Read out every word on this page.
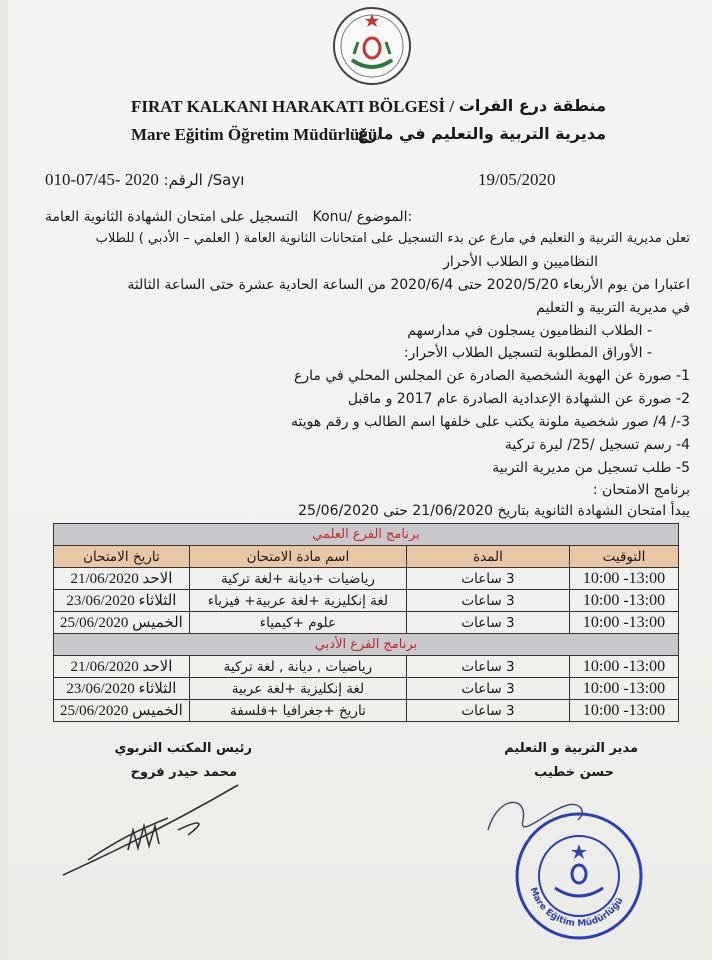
FIRAT KALKANI HARAKATI BÖLGESİ / منطقة درع الفرات
Mare Eğitim Öğretim Müdürlüğü/
مديرية التربية والتعليم في مارع
Sayı/ الرقم: 2020 -010-07/45	19/05/2020
التسجيل على امتحان الشهادة الثانوية العامة Konu/ الموضوع:
تعلن مديرية التربية و التعليم في مارع عن بدء التسجيل على امتحانات الثانوية العامة ( العلمي – الأدبي ) للطلاب
النظاميين و الطلاب الأحرار
اعتبارا من يوم الأربعاء 2020/5/20 حتى 2020/6/4 من الساعة الحادية عشرة حتى الساعة الثالثة
في مديرية التربية و التعليم
- الطلاب النظاميون يسجلون في مدارسهم
- الأوراق المطلوبة لتسجيل الطلاب الأحرار:
1- صورة عن الهوية الشخصية الصادرة عن المجلس المحلي في مارع
2- صورة عن الشهادة الإعدادية الصادرة عام 2017 و ماقبل
3-/ 4/ صور شخصية ملونة يكتب على خلفها اسم الطالب و رقم هويته
4- رسم تسجيل /25/ ليرة تركية
5- طلب تسجيل من مديرية التربية
برنامج الامتحان :
يبدأ امتحان الشهادة الثانوية بتاريخ 21/06/2020 حتى 25/06/2020
برنامج الفرع العلمي			
التوقيت	المدة	اسم مادة الامتحان	تاريخ الامتحان
10:00 -13:00	3 ساعات	رياضيات +ديانة +لغة تركية	الاحد 21/06/2020
10:00 -13:00	3 ساعات	لغة إنكليزية +لغة عربية+ فيزياء	الثلاثاء 23/06/2020
10:00 -13:00	3 ساعات	علوم +كيمياء	الخميس 25/06/2020
برنامج الفرع الأدبي			
10:00 -13:00	3 ساعات	رياضيات , ديانة , لغة تركية	الاحد 21/06/2020
10:00 -13:00	3 ساعات	لغة إنكليزية +لغة عربية	الثلاثاء 23/06/2020
10:00 -13:00	3 ساعات	تاريخ +جغرافيا +فلسفة	الخميس 25/06/2020
مدير التربية و التعليم
حسن خطيب
رئيس المكتب التربوي
محمد حيدر فروح
Mare Eğitim Müdürlüğü
